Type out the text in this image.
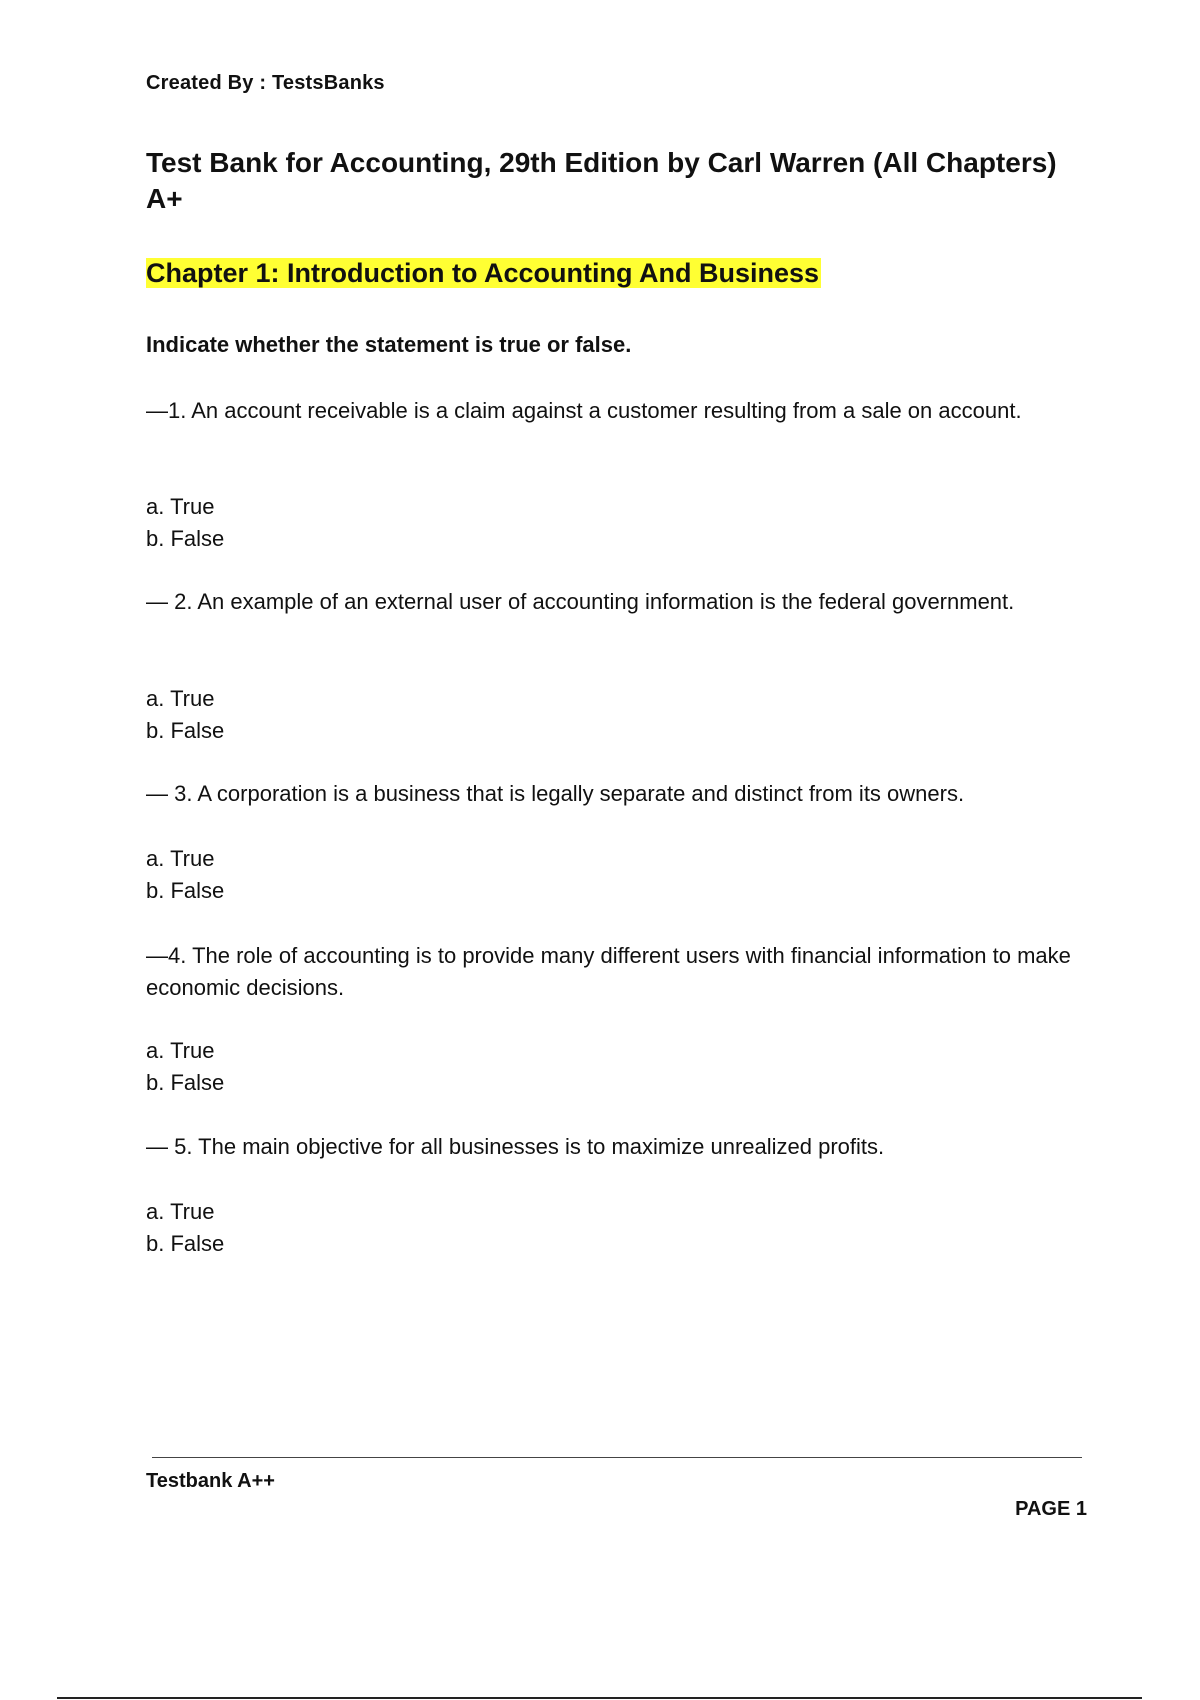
Created By : TestsBanks

Test Bank for Accounting, 29th Edition by Carl Warren (All Chapters) A+
Chapter 1: Introduction to Accounting And Business

Indicate whether the statement is true or false.

—1. An account receivable is a claim against a customer resulting from a sale on account.

a. True

b. False

— 2. An example of an external user of accounting information is the federal government.

a. True

b. False

— 3. A corporation is a business that is legally separate and distinct from its owners.

a. True

b. False

—4. The role of accounting is to provide many different users with financial information to make economic decisions.

a. True

b. False

— 5. The main objective for all businesses is to maximize unrealized profits.

a. True

b. False

Testbank A++

PAGE 1
